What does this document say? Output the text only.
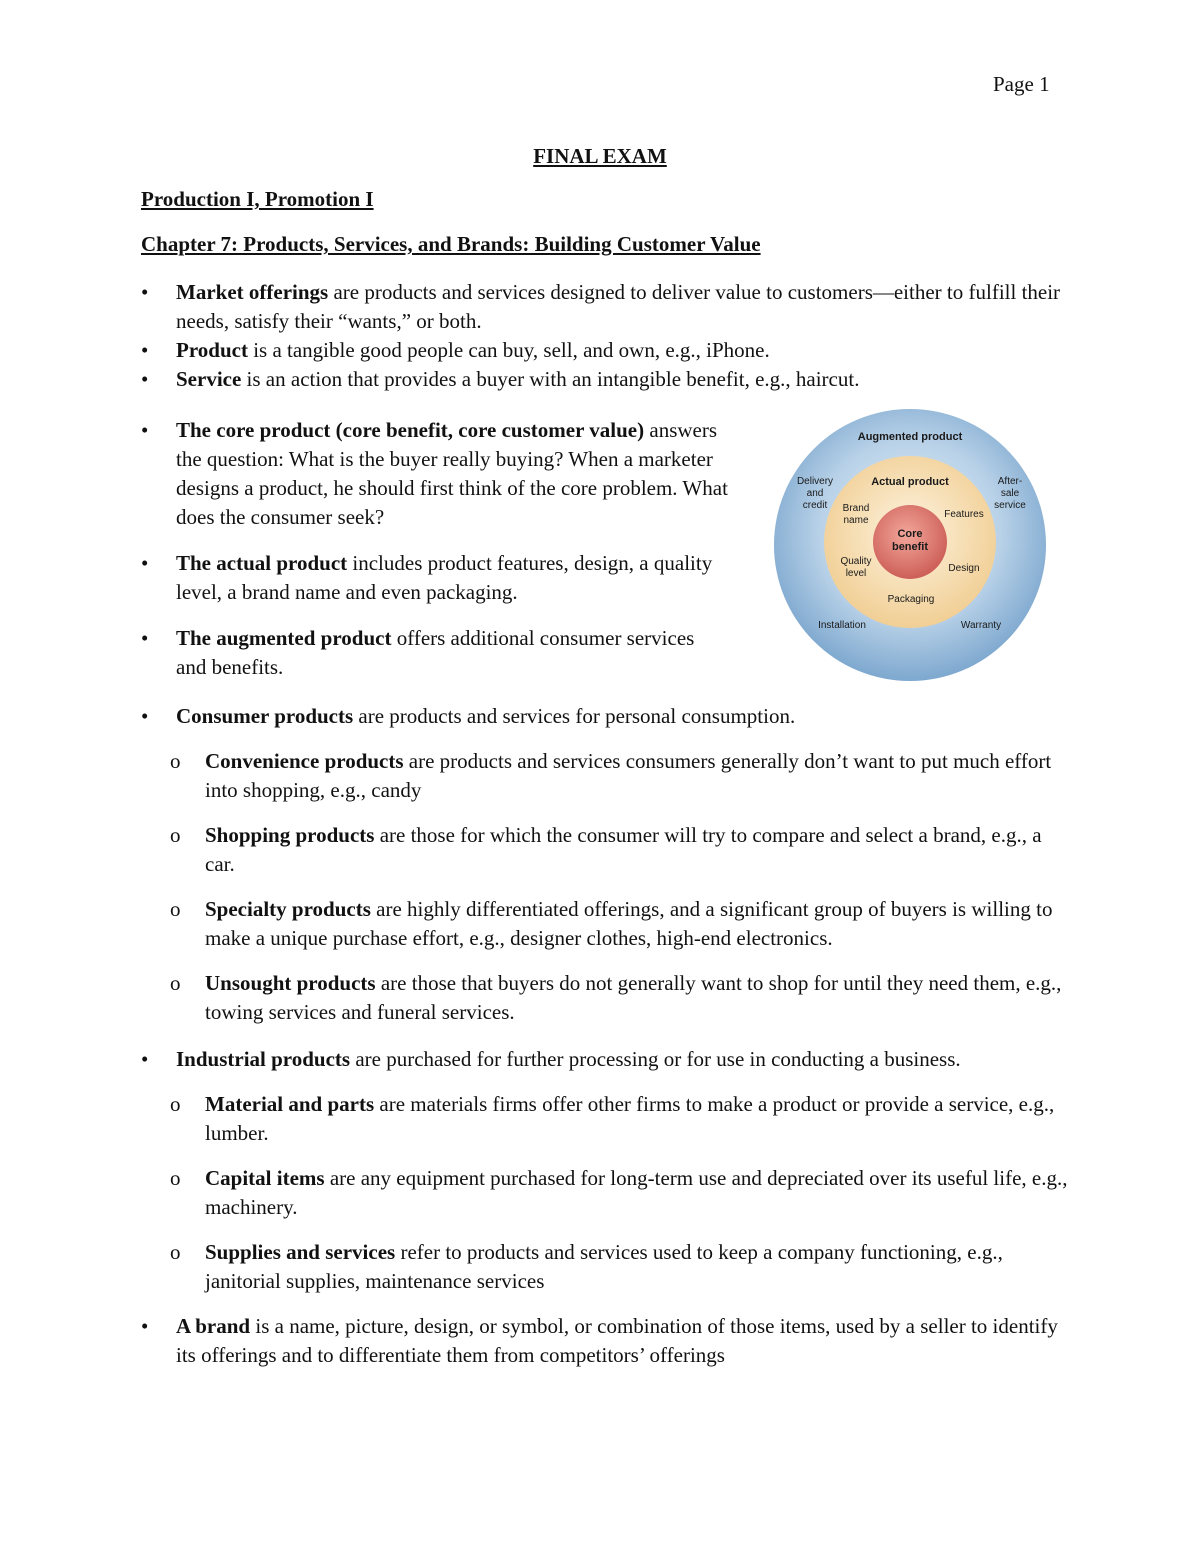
Page 1
FINAL EXAM
Production I, Promotion I
Chapter 7: Products, Services, and Brands: Building Customer Value
• Market offerings are products and services designed to deliver value to customers—either to fulfill their needs, satisfy their “wants,” or both.
• Product is a tangible good people can buy, sell, and own, e.g., iPhone.
• Service is an action that provides a buyer with an intangible benefit, e.g., haircut.
• The core product (core benefit, core customer value) answers the question: What is the buyer really buying? When a marketer designs a product, he should first think of the core problem. What does the consumer seek?
• The actual product includes product features, design, a quality level, a brand name and even packaging.
• The augmented product offers additional consumer services and benefits.
Augmented product
Actual product
Core
benefit
Delivery
and
credit
After-
sale
service
Brand
name
Features
Quality
level	Design
Packaging
Installation	Warranty
• Consumer products are products and services for personal consumption.
o Convenience products are products and services consumers generally don’t want to put much effort into shopping, e.g., candy
o Shopping products are those for which the consumer will try to compare and select a brand, e.g., a car.
o Specialty products are highly differentiated offerings, and a significant group of buyers is willing to make a unique purchase effort, e.g., designer clothes, high-end electronics.
o Unsought products are those that buyers do not generally want to shop for until they need them, e.g., towing services and funeral services.
• Industrial products are purchased for further processing or for use in conducting a business.
o Material and parts are materials firms offer other firms to make a product or provide a service, e.g., lumber.
o Capital items are any equipment purchased for long-term use and depreciated over its useful life, e.g., machinery.
o Supplies and services refer to products and services used to keep a company functioning, e.g., janitorial supplies, maintenance services
• A brand is a name, picture, design, or symbol, or combination of those items, used by a seller to identify its offerings and to differentiate them from competitors’ offerings
